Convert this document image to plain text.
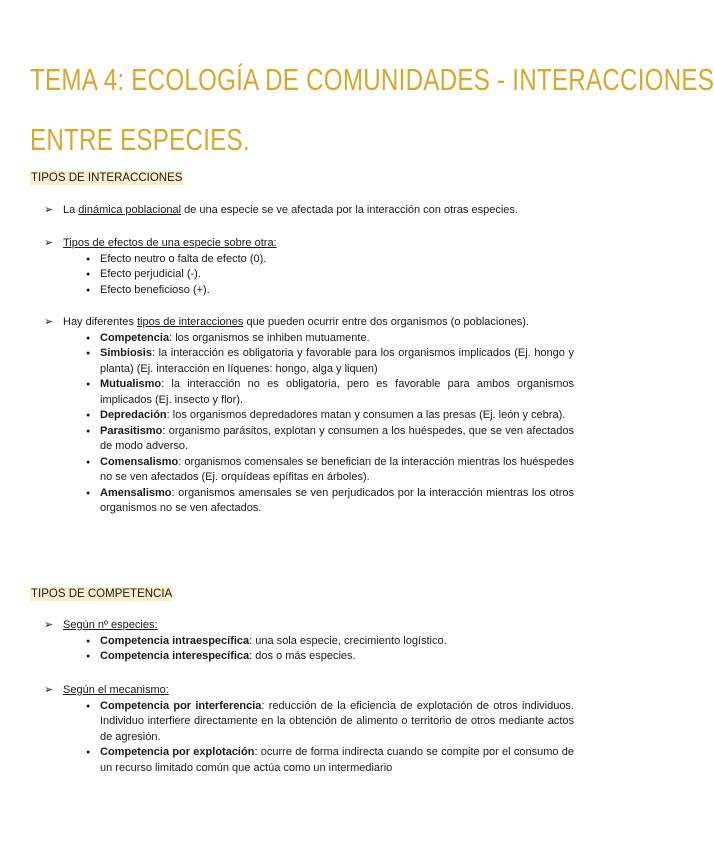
TEMA 4: ECOLOGÍA DE COMUNIDADES - INTERACCIONES
ENTRE ESPECIES.
TIPOS DE INTERACCIONES
➢ La dinámica poblacional de una especie se ve afectada por la interacción con otras especies.
➢ Tipos de efectos de una especie sobre otra:
● Efecto neutro o falta de efecto (0).
● Efecto perjudicial (-).
● Efecto beneficioso (+).
➢ Hay diferentes tipos de interacciones que pueden ocurrir entre dos organismos (o poblaciones).
● Competencia: los organismos se inhiben mutuamente.
● Simbiosis: la interacción es obligatoria y favorable para los organismos implicados (Ej. hongo y planta) (Ej. interacción en líquenes: hongo, alga y liquen)
● Mutualismo: la interacción no es obligatoria, pero es favorable para ambos organismos implicados (Ej. insecto y flor).
● Depredación: los organismos depredadores matan y consumen a las presas (Ej. león y cebra).
● Parasitismo: organismo parásitos, explotan y consumen a los huéspedes, que se ven afectados de modo adverso.
● Comensalismo: organismos comensales se benefician de la interacción mientras los huéspedes no se ven afectados (Ej. orquídeas epífitas en árboles).
● Amensalismo: organismos amensales se ven perjudicados por la interacción mientras los otros organismos no se ven afectados.
TIPOS DE COMPETENCIA
➢ Según nº especies:
● Competencia intraespecífica: una sola especie, crecimiento logístico.
● Competencia interespecífica: dos o más especies.
➢ Según el mecanismo:
● Competencia por interferencia: reducción de la eficiencia de explotación de otros individuos. Individuo interfiere directamente en la obtención de alimento o territorio de otros mediante actos de agresión.
● Competencia por explotación: ocurre de forma indirecta cuando se compite por el consumo de un recurso limitado común que actúa como un intermediario
